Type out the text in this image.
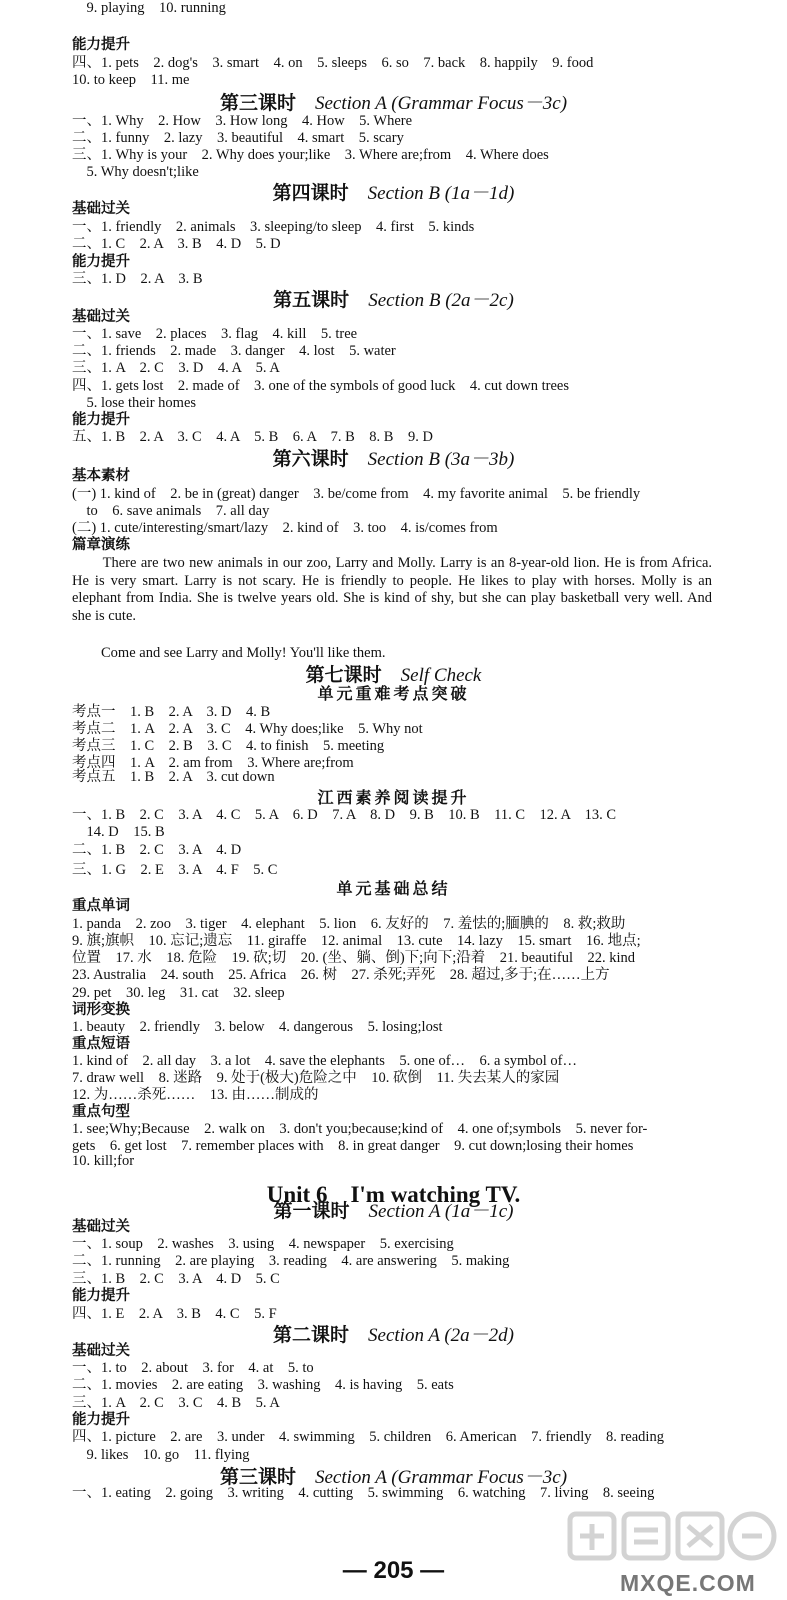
能力提升
四、1. pets　2. dog's　3. smart　4. on　5. sleeps　6. so　7. back　8. happily　9. food
10. to keep　11. me
第三课时　 Section A (Grammar Focus－3c)
一、1. Why　2. How　3. How long　4. How　5. Where
二、1. funny　2. lazy　3. beautiful　4. smart　5. scary
三、1. Why is your　2. Why does your;like　3. Where are;from　4. Where does
　5. Why doesn't;like
第四课时　 Section B (1a－1d)
基础过关
一、1. friendly　2. animals　3. sleeping/to sleep　4. first　5. kinds
二、1. C　2. A　3. B　4. D　5. D
能力提升
三、1. D　2. A　3. B
第五课时　 Section B (2a－2c)
基础过关
一、1. save　2. places　3. flag　4. kill　5. tree
二、1. friends　2. made　3. danger　4. lost　5. water
三、1. A　2. C　3. D　4. A　5. A
四、1. gets lost　2. made of　3. one of the symbols of good luck　4. cut down trees
　5. lose their homes
能力提升
五、1. B　2. A　3. C　4. A　5. B　6. A　7. B　8. B　9. D
第六课时　 Section B (3a－3b)
基本素材
(一) 1. kind of　2. be in (great) danger　3. be/come from　4. my favorite animal　5. be friendly
　to　6. save animals　7. all day
(二) 1. cute/interesting/smart/lazy　2. kind of　3. too　4. is/comes from
篇章演练
　　There are two new animals in our zoo, Larry and Molly. Larry is an 8-year-old lion. He is from Africa. He is very smart. Larry is not scary. He is friendly to people. He likes to play with horses. Molly is an elephant from India. She is twelve years old. She is kind of shy, but she can play basketball very well. And she is cute.
　　Come and see Larry and Molly! You'll like them.
第七课时　 Self Check
单元重难考点突破
考点一　1. B　2. A　3. D　4. B
考点二　1. A　2. A　3. C　4. Why does;like　5. Why not
考点三　1. C　2. B　3. C　4. to finish　5. meeting
考点四　1. A　2. am from　3. Where are;from
考点五　1. B　2. A　3. cut down
江西素养阅读提升
一、1. B　2. C　3. A　4. C　5. A　6. D　7. A　8. D　9. B　10. B　11. C　12. A　13. C
　14. D　15. B
二、1. B　2. C　3. A　4. D
三、1. G　2. E　3. A　4. F　5. C
单元基础总结
重点单词
1. panda　2. zoo　3. tiger　4. elephant　5. lion　6. 友好的　7. 羞怯的;腼腆的　8. 救;救助
9. 旗;旗帜　10. 忘记;遗忘　11. giraffe　12. animal　13. cute　14. lazy　15. smart　16. 地点;
位置　17. 水　18. 危险　19. 砍;切　20. (坐、躺、倒)下;向下;沿着　21. beautiful　22. kind
23. Australia　24. south　25. Africa　26. 树　27. 杀死;弄死　28. 超过,多于;在……上方
29. pet　30. leg　31. cat　32. sleep
词形变换
1. beauty　2. friendly　3. below　4. dangerous　5. losing;lost
重点短语
1. kind of　2. all day　3. a lot　4. save the elephants　5. one of…　6. a symbol of…
7. draw well　8. 迷路　9. 处于(极大)危险之中　10. 砍倒　11. 失去某人的家园
12. 为……杀死……　13. 由……制成的
重点句型
1. see;Why;Because　2. walk on　3. don't you;because;kind of　4. one of;symbols　5. never for-
gets　6. get lost　7. remember places with　8. in great danger　9. cut down;losing their homes
10. kill;for
Unit 6　I'm watching TV.
第一课时　 Section A (1a－1c)
基础过关
一、1. soup　2. washes　3. using　4. newspaper　5. exercising
二、1. running　2. are playing　3. reading　4. are answering　5. making
三、1. B　2. C　3. A　4. D　5. C
能力提升
四、1. E　2. A　3. B　4. C　5. F
第二课时　 Section A (2a－2d)
基础过关
一、1. to　2. about　3. for　4. at　5. to
二、1. movies　2. are eating　3. washing　4. is having　5. eats
三、1. A　2. C　3. C　4. B　5. A
能力提升
四、1. picture　2. are　3. under　4. swimming　5. children　6. American　7. friendly　8. reading
　9. likes　10. go　11. flying
第三课时　 Section A (Grammar Focus－3c)
一、1. eating　2. going　3. writing　4. cutting　5. swimming　6. watching　7. living　8. seeing
　9. playing　10. running
MXQE.COM
— 205 —
